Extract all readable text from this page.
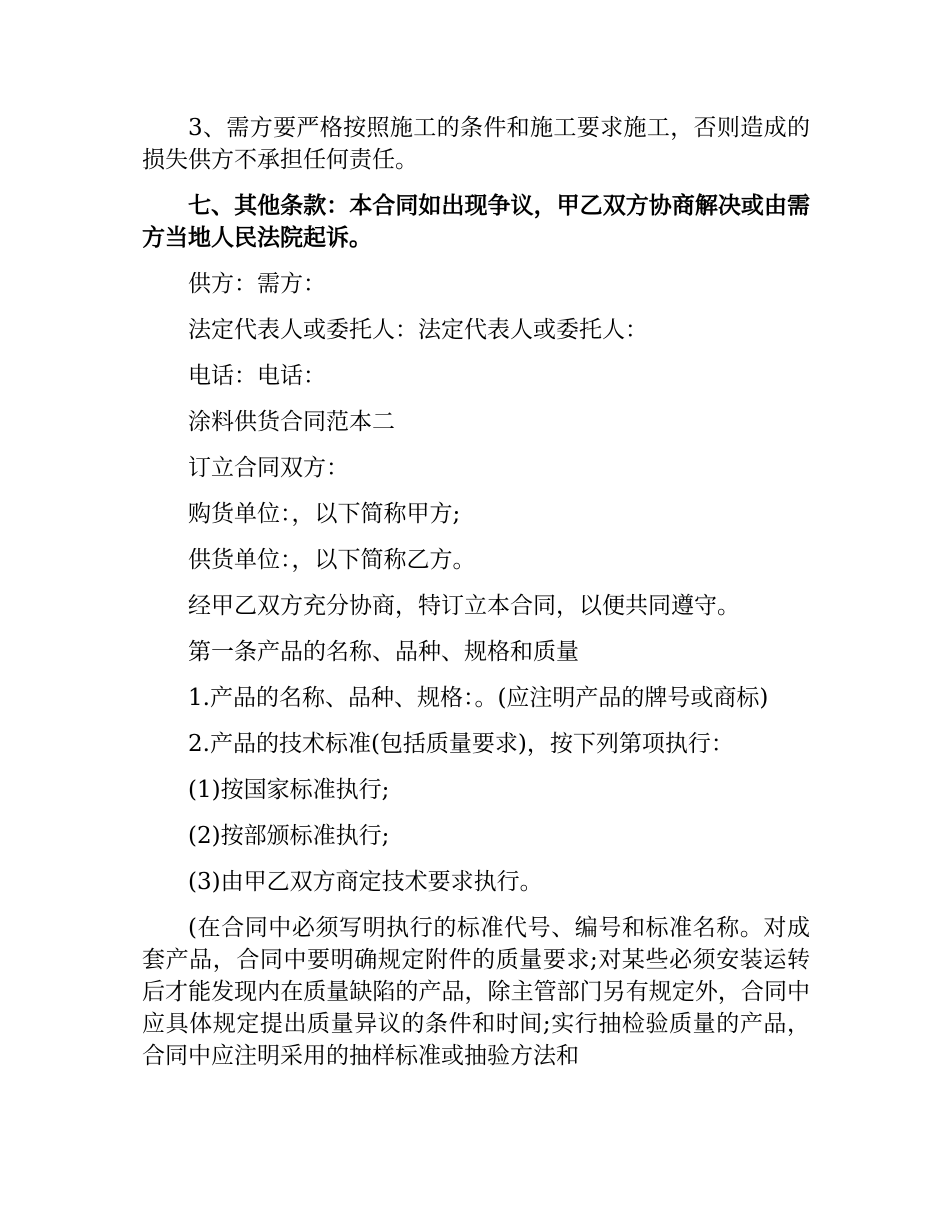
3、需方要严格按照施工的条件和施工要求施工，否则造成的损失供方不承担任何责任。

七、其他条款：本合同如出现争议，甲乙双方协商解决或由需方当地人民法院起诉。

供方：需方：

法定代表人或委托人：法定代表人或委托人：

电话：电话：

涂料供货合同范本二

订立合同双方：

购货单位：，以下简称甲方;

供货单位：，以下简称乙方。

经甲乙双方充分协商，特订立本合同，以便共同遵守。

第一条产品的名称、品种、规格和质量

1.产品的名称、品种、规格：。(应注明产品的牌号或商标)

2.产品的技术标准(包括质量要求)，按下列第项执行：

(1)按国家标准执行;

(2)按部颁标准执行;

(3)由甲乙双方商定技术要求执行。

(在合同中必须写明执行的标准代号、编号和标准名称。对成套产品，合同中要明确规定附件的质量要求;对某些必须安装运转后才能发现内在质量缺陷的产品，除主管部门另有规定外，合同中应具体规定提出质量异议的条件和时间;实行抽检验质量的产品，合同中应注明采用的抽样标准或抽验方法和
